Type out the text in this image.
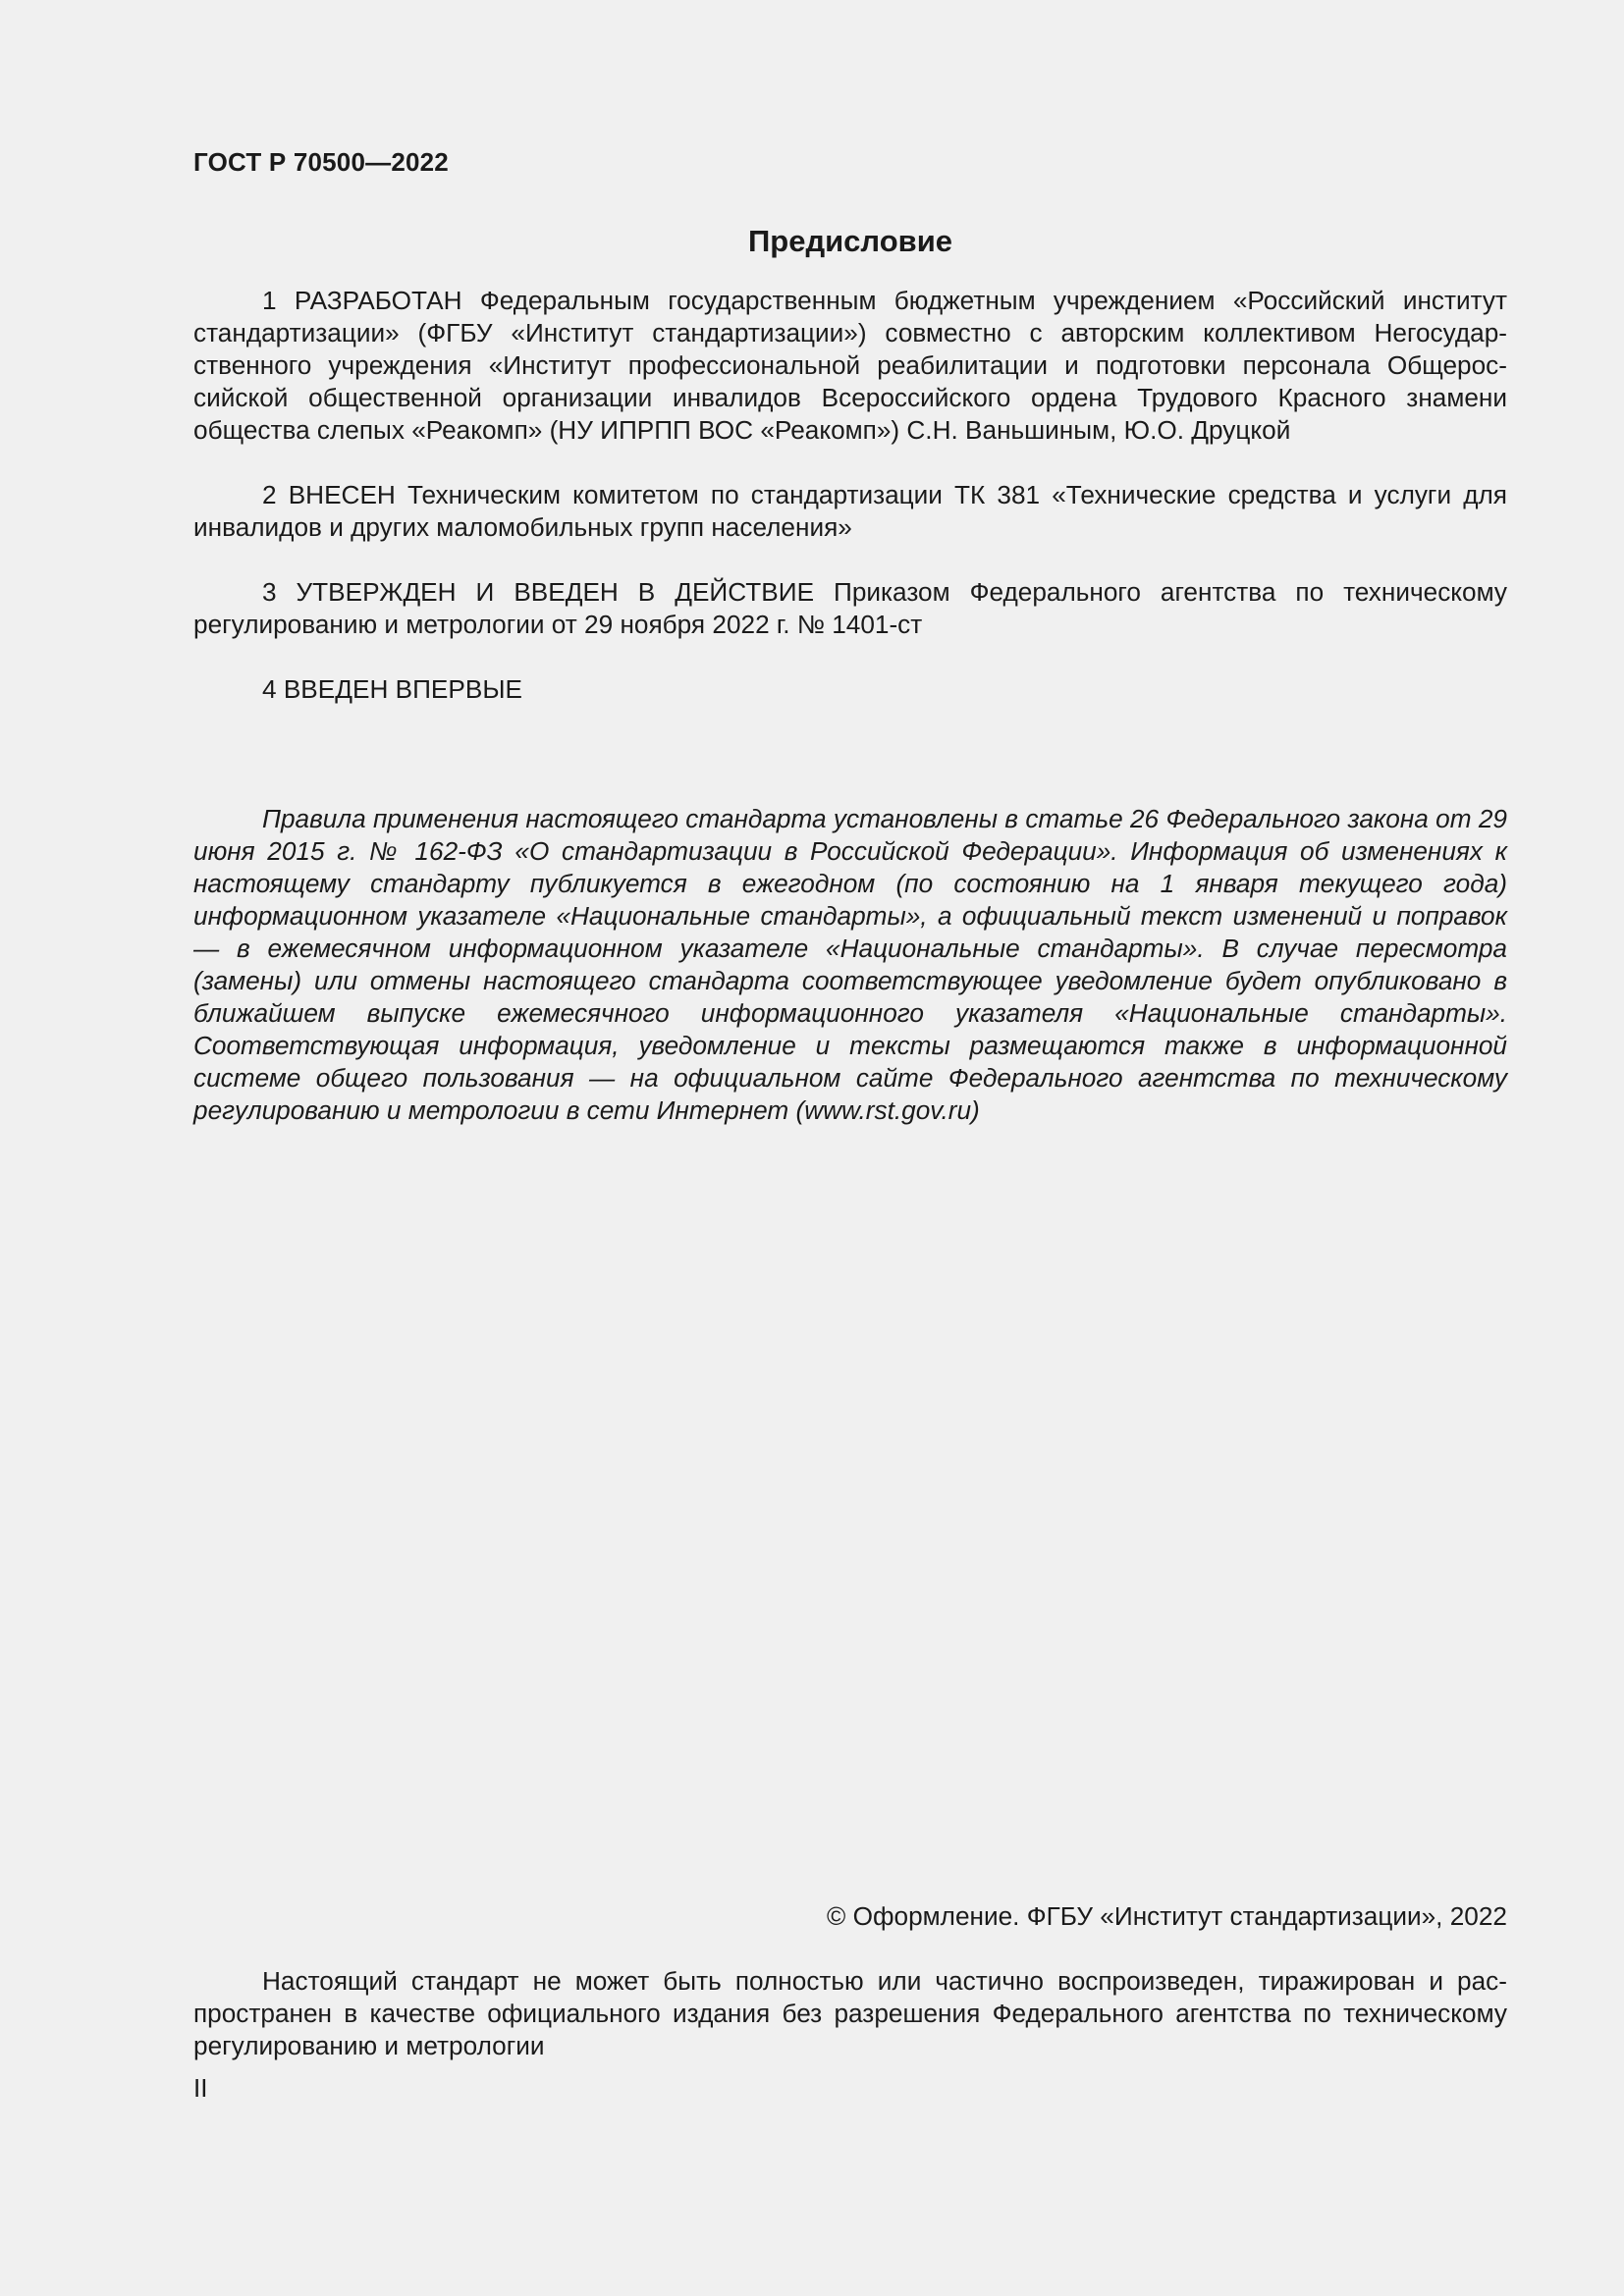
ГОСТ Р 70500—2022
Предисловие

1 РАЗРАБОТАН Федеральным государственным бюджетным учреждением «Российский институт стандартизации» (ФГБУ «Институт стандартизации») совместно с авторским коллективом Негосударственного учреждения «Институт профессиональной реабилитации и подготовки персонала Общероссийской общественной организации инвалидов Всероссийского ордена Трудового Красного знамени общества слепых «Реакомп» (НУ ИПРПП ВОС «Реакомп») С.Н. Ваньшиным, Ю.О. Друцкой

2 ВНЕСЕН Техническим комитетом по стандартизации ТК 381 «Технические средства и услуги для инвалидов и других маломобильных групп населения»

3 УТВЕРЖДЕН И ВВЕДЕН В ДЕЙСТВИЕ Приказом Федерального агентства по техническому регулированию и метрологии от 29 ноября 2022 г. № 1401-ст

4 ВВЕДЕН ВПЕРВЫЕ

Правила применения настоящего стандарта установлены в статье 26 Федерального закона от 29 июня 2015 г. № 162-ФЗ «О стандартизации в Российской Федерации». Информация об изменениях к настоящему стандарту публикуется в ежегодном (по состоянию на 1 января текущего года) информационном указателе «Национальные стандарты», а официальный текст изменений и поправок — в ежемесячном информационном указателе «Национальные стандарты». В случае пересмотра (замены) или отмены настоящего стандарта соответствующее уведомление будет опубликовано в ближайшем выпуске ежемесячного информационного указателя «Национальные стандарты». Соответствующая информация, уведомление и тексты размещаются также в информационной системе общего пользования — на официальном сайте Федерального агентства по техническому регулированию и метрологии в сети Интернет (www.rst.gov.ru)

© Оформление. ФГБУ «Институт стандартизации», 2022

Настоящий стандарт не может быть полностью или частично воспроизведен, тиражирован и распространен в качестве официального издания без разрешения Федерального агентства по техническому регулированию и метрологии

II
